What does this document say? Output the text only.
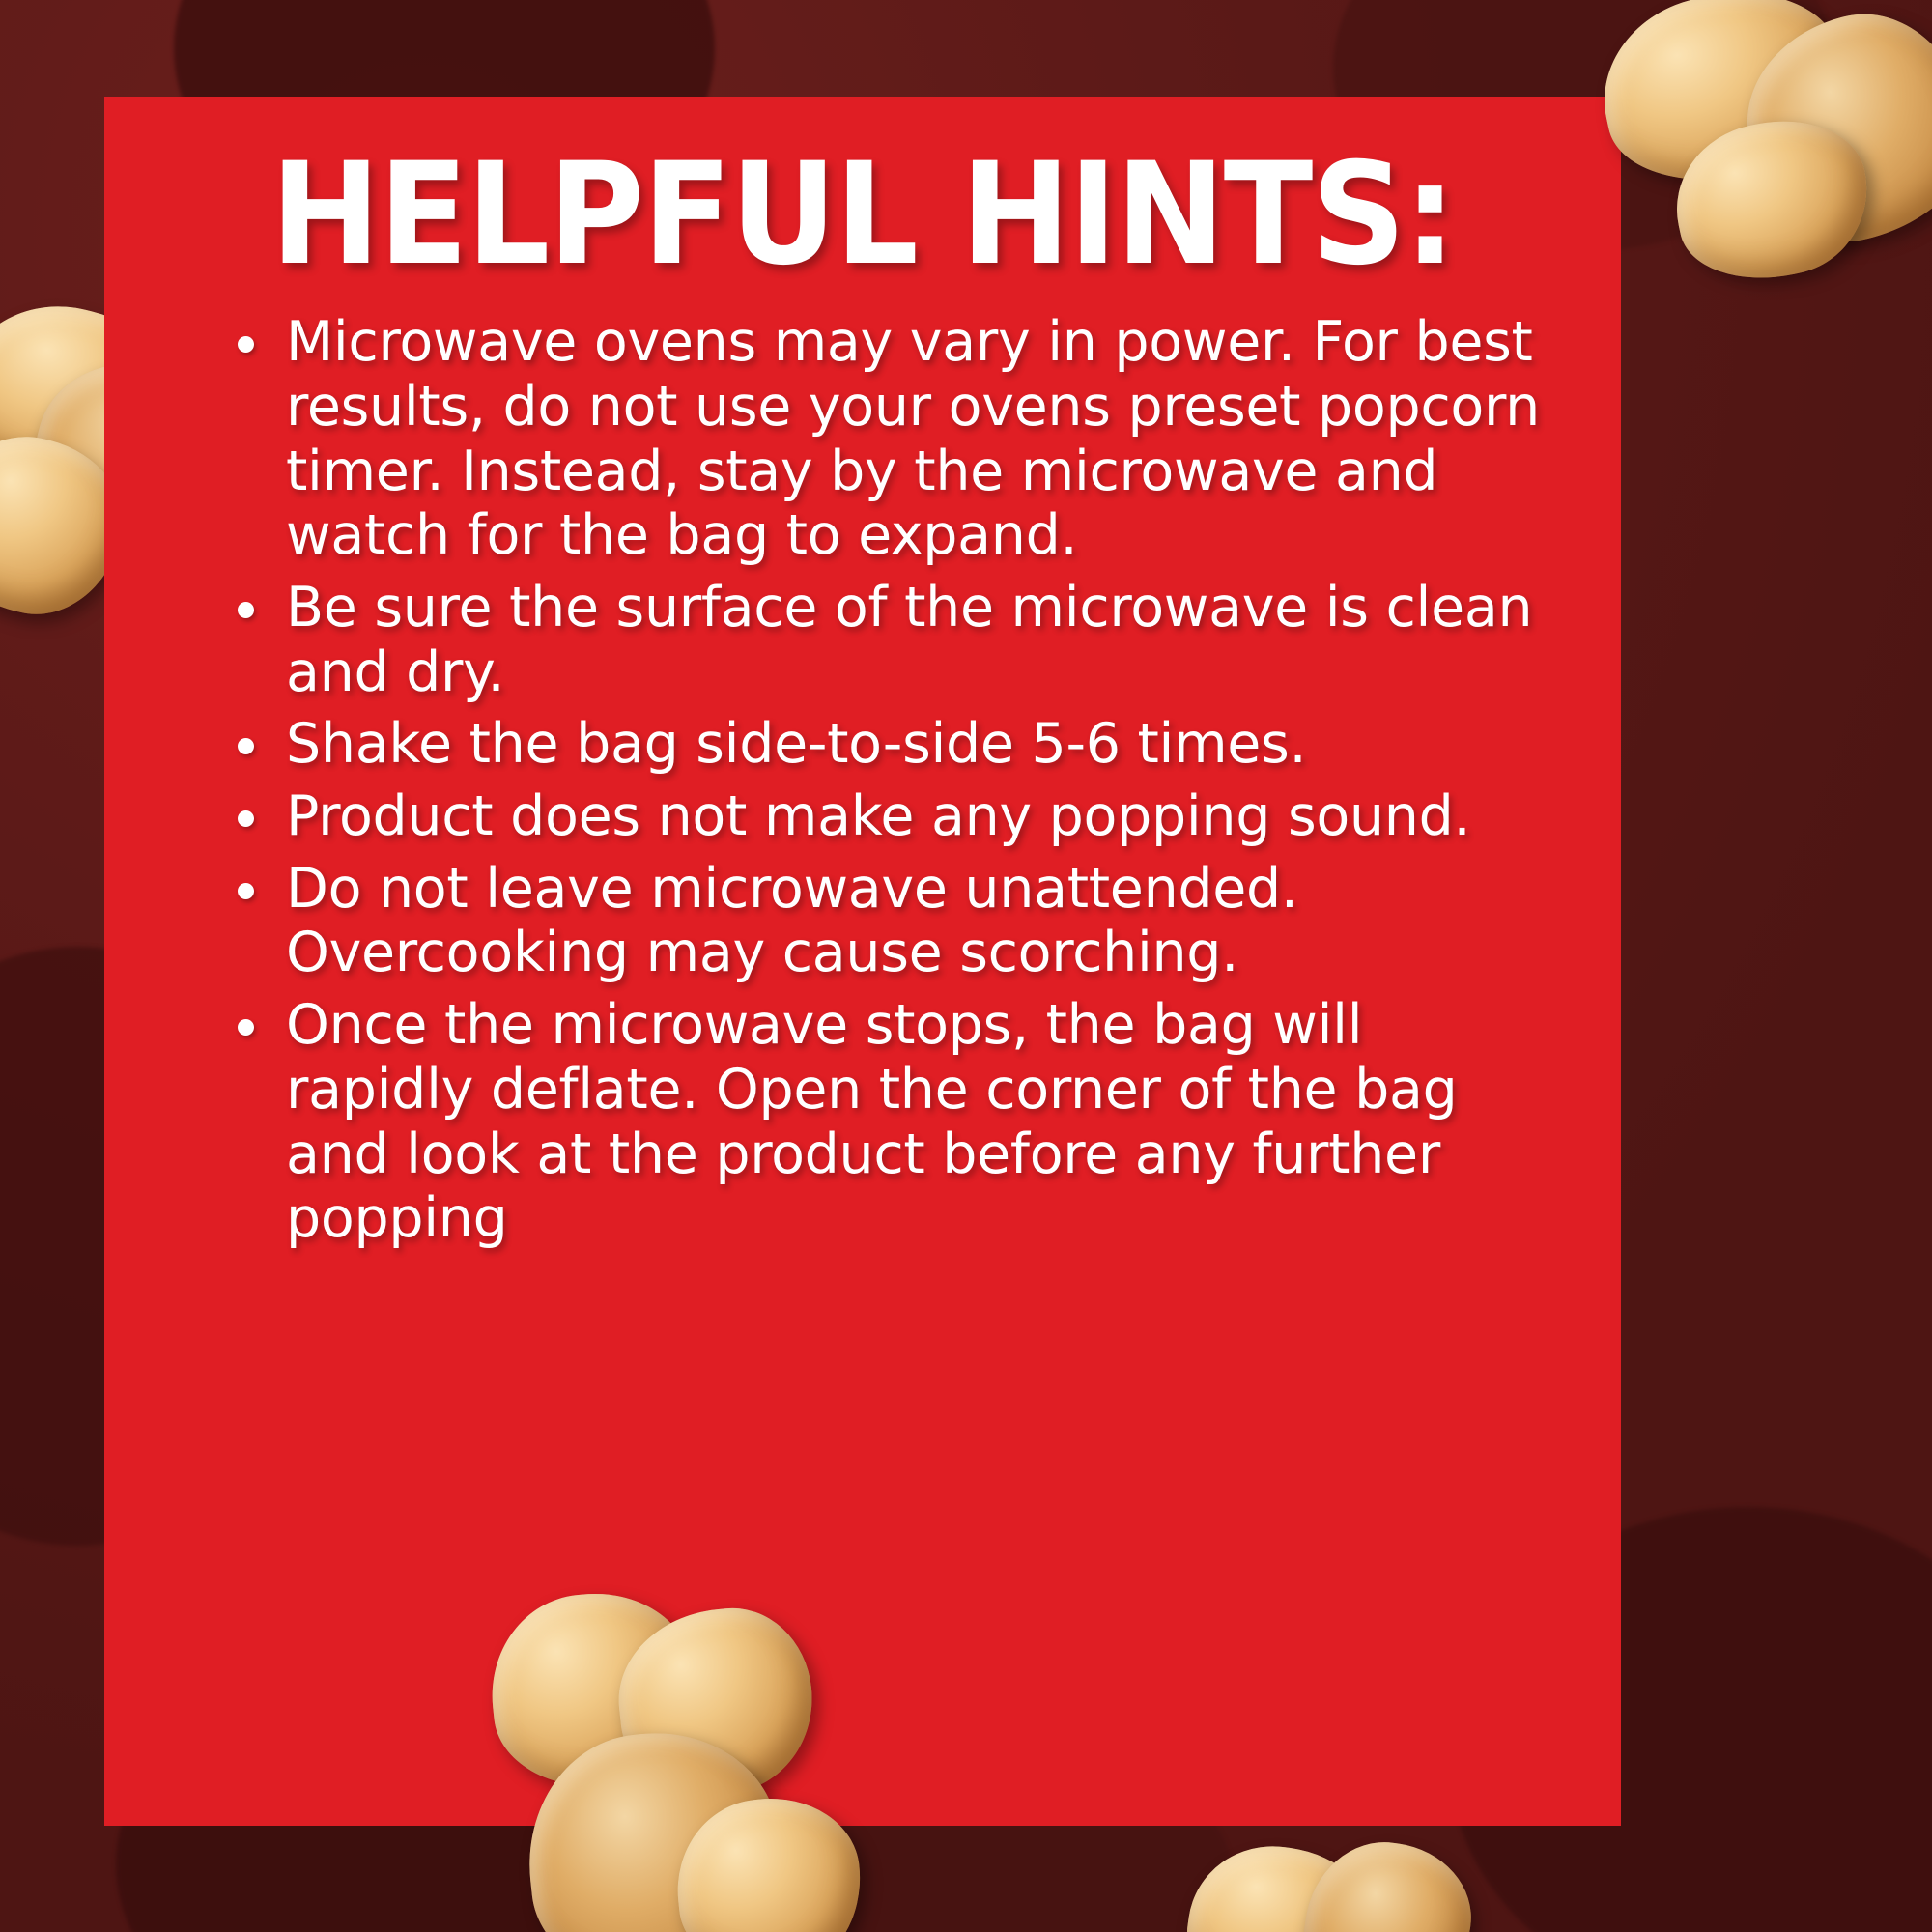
HELPFUL HINTS:
Microwave ovens may vary in power. For best results, do not use your ovens preset popcorn timer. Instead, stay by the microwave and watch for the bag to expand.
Be sure the surface of the microwave is clean and dry.
Shake the bag side-to-side 5-6 times.
Product does not make any popping sound.
Do not leave microwave unattended. Overcooking may cause scorching.
Once the microwave stops, the bag will rapidly deflate. Open the corner of the bag and look at the product before any further popping
